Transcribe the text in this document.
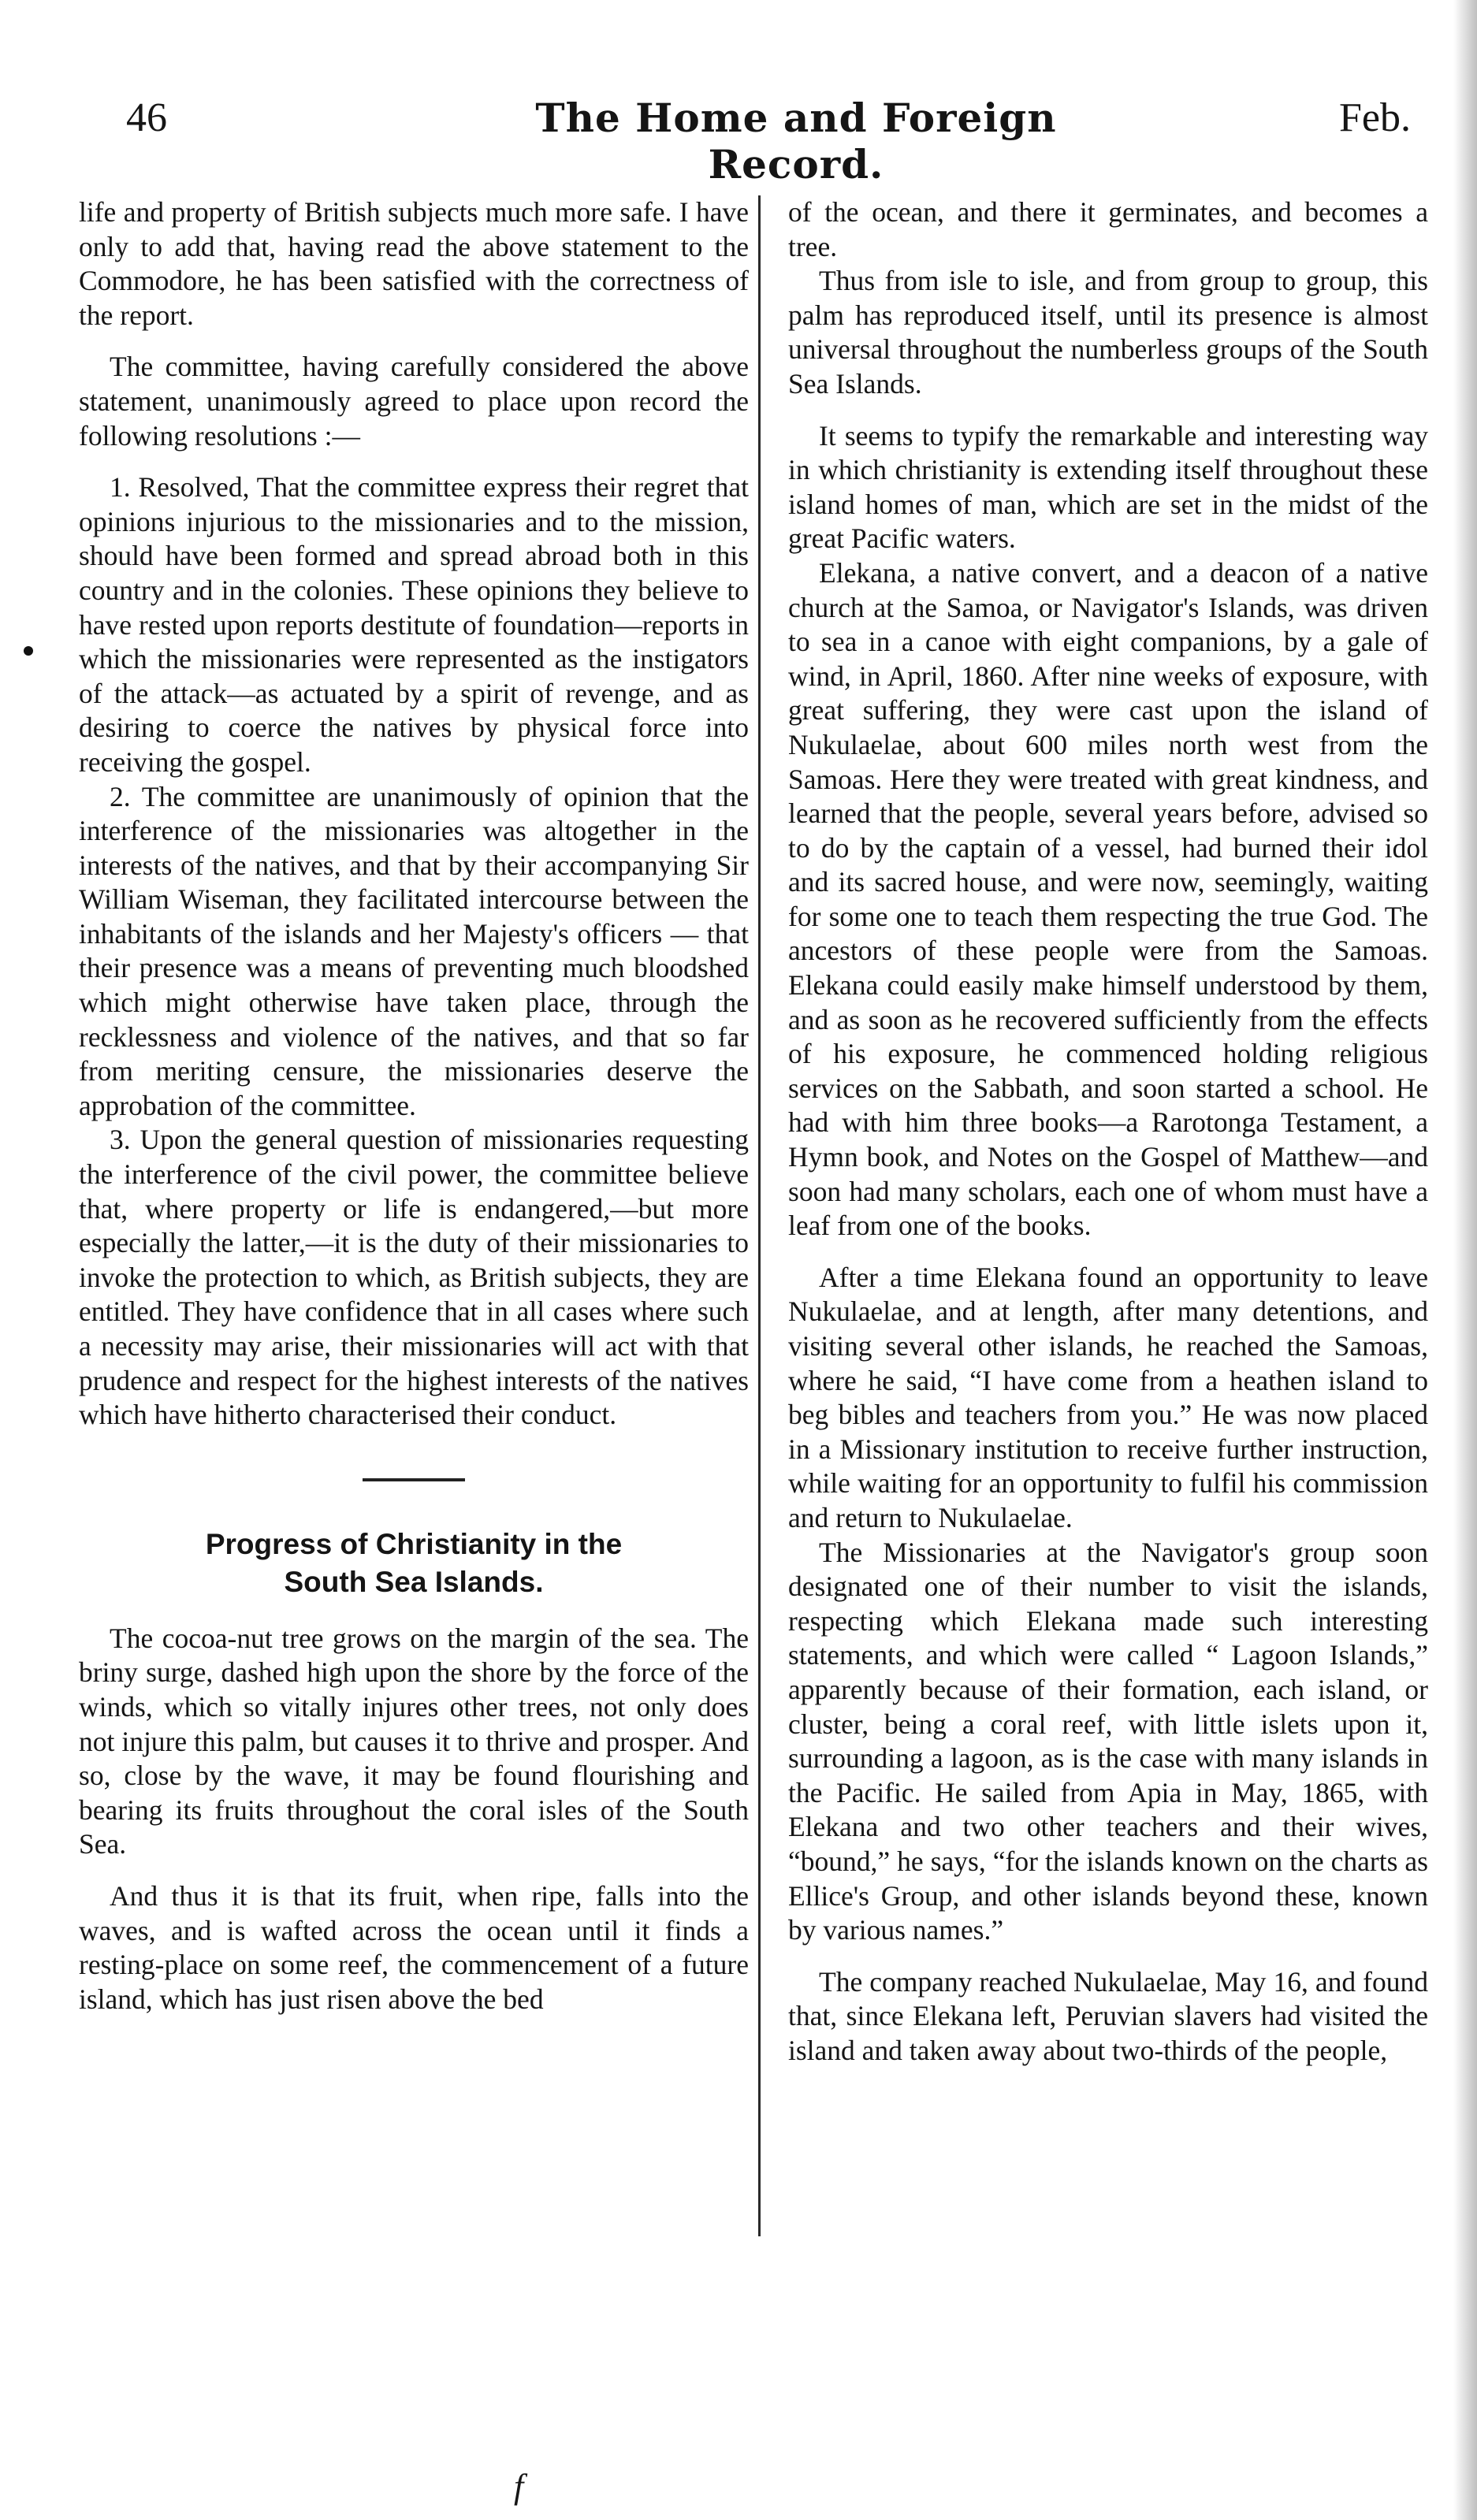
46	The Home and Foreign Record.
Feb.

life and property of British subjects much more safe. I have only to add that, having read the above statement to the Commodore, he has been satisfied with the correctness of the report.

The committee, having carefully considered the above statement, unanimously agreed to place upon record the following resolutions :—

1. Resolved, That the committee express their regret that opinions injurious to the missionaries and to the mission, should have been formed and spread abroad both in this country and in the colonies. These opinions they believe to have rested upon reports destitute of foundation—reports in which the missionaries were represented as the instigators of the attack—as actuated by a spirit of revenge, and as desiring to coerce the natives by physical force into receiving the gospel.

2. The committee are unanimously of opinion that the interference of the missionaries was altogether in the interests of the natives, and that by their accompanying Sir William Wiseman, they facilitated intercourse between the inhabitants of the islands and her Majesty's officers — that their presence was a means of preventing much bloodshed which might otherwise have taken place, through the recklessness and violence of the natives, and that so far from meriting censure, the missionaries deserve the approbation of the committee.

3. Upon the general question of missionaries requesting the interference of the civil power, the committee believe that, where property or life is endangered,—but more especially the latter,—it is the duty of their missionaries to invoke the protection to which, as British subjects, they are entitled. They have confidence that in all cases where such a necessity may arise, their missionaries will act with that prudence and respect for the highest interests of the natives which have hitherto characterised their conduct.

Progress of Christianity in the
South Sea Islands.

The cocoa-nut tree grows on the margin of the sea. The briny surge, dashed high upon the shore by the force of the winds, which so vitally injures other trees, not only does not injure this palm, but causes it to thrive and prosper. And so, close by the wave, it may be found flourishing and bearing its fruits throughout the coral isles of the South Sea.

And thus it is that its fruit, when ripe, falls into the waves, and is wafted across the ocean until it finds a resting-place on some reef, the commencement of a future island, which has just risen above the bed

of the ocean, and there it germinates, and becomes a tree.

Thus from isle to isle, and from group to group, this palm has reproduced itself, until its presence is almost universal throughout the numberless groups of the South Sea Islands.

It seems to typify the remarkable and interesting way in which christianity is extending itself throughout these island homes of man, which are set in the midst of the great Pacific waters.

Elekana, a native convert, and a deacon of a native church at the Samoa, or Navigator's Islands, was driven to sea in a canoe with eight companions, by a gale of wind, in April, 1860. After nine weeks of exposure, with great suffering, they were cast upon the island of Nukulaelae, about 600 miles north west from the Samoas. Here they were treated with great kindness, and learned that the people, several years before, advised so to do by the captain of a vessel, had burned their idol and its sacred house, and were now, seemingly, waiting for some one to teach them respecting the true God. The ancestors of these people were from the Samoas. Elekana could easily make himself understood by them, and as soon as he recovered sufficiently from the effects of his exposure, he commenced holding religious services on the Sabbath, and soon started a school. He had with him three books—a Rarotonga Testament, a Hymn book, and Notes on the Gospel of Matthew—and soon had many scholars, each one of whom must have a leaf from one of the books.

After a time Elekana found an opportunity to leave Nukulaelae, and at length, after many detentions, and visiting several other islands, he reached the Samoas, where he said, “I have come from a heathen island to beg bibles and teachers from you.” He was now placed in a Missionary institution to receive further instruction, while waiting for an opportunity to fulfil his commission and return to Nukulaelae.

The Missionaries at the Navigator's group soon designated one of their number to visit the islands, respecting which Elekana made such interesting statements, and which were called “ Lagoon Islands,” apparently because of their formation, each island, or cluster, being a coral reef, with little islets upon it, surrounding a lagoon, as is the case with many islands in the Pacific. He sailed from Apia in May, 1865, with Elekana and two other teachers and their wives, “bound,” he says, “for the islands known on the charts as Ellice's Group, and other islands beyond these, known by various names.”

The company reached Nukulaelae, May 16, and found that, since Elekana left, Peruvian slavers had visited the island and taken away about two-thirds of the people,

f
